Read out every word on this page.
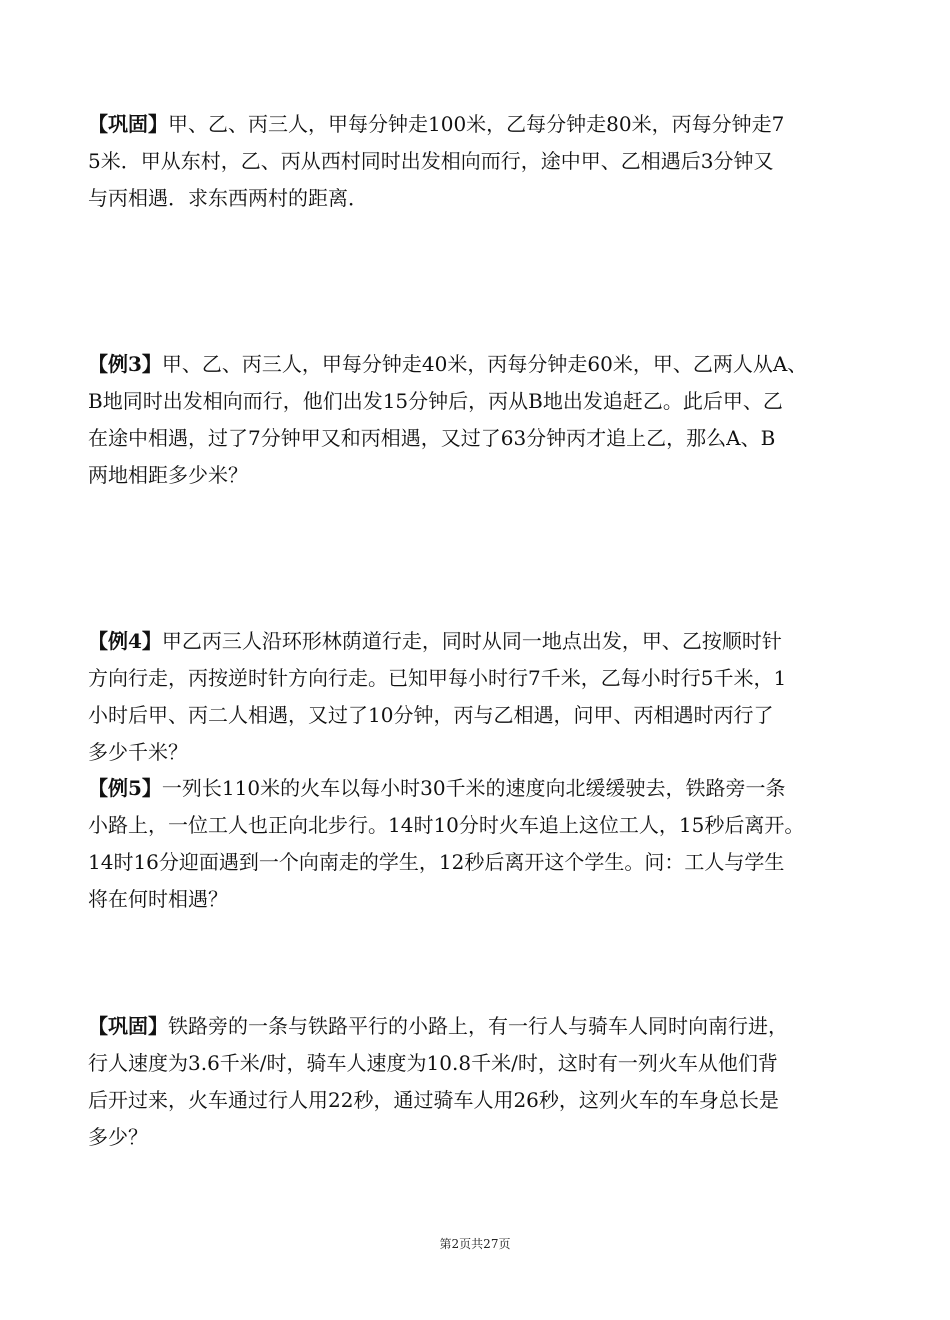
【巩固】甲、乙、丙三人，甲每分钟走100米，乙每分钟走80米，丙每分钟走7
5米．甲从东村，乙、丙从西村同时出发相向而行，途中甲、乙相遇后3分钟又
与丙相遇．求东西两村的距离．
【例3】甲、乙、丙三人，甲每分钟走40米，丙每分钟走60米，甲、乙两人从A、
B地同时出发相向而行，他们出发15分钟后，丙从B地出发追赶乙。此后甲、乙
在途中相遇，过了7分钟甲又和丙相遇，又过了63分钟丙才追上乙，那么A、B
两地相距多少米？
【例4】甲乙丙三人沿环形林荫道行走，同时从同一地点出发，甲、乙按顺时针
方向行走，丙按逆时针方向行走。已知甲每小时行7千米，乙每小时行5千米，1
小时后甲、丙二人相遇，又过了10分钟，丙与乙相遇，问甲、丙相遇时丙行了
多少千米？
【例5】一列长110米的火车以每小时30千米的速度向北缓缓驶去，铁路旁一条
小路上，一位工人也正向北步行。14时10分时火车追上这位工人，15秒后离开。
14时16分迎面遇到一个向南走的学生，12秒后离开这个学生。问：工人与学生
将在何时相遇？
【巩固】铁路旁的一条与铁路平行的小路上，有一行人与骑车人同时向南行进，
行人速度为3.6千米/时，骑车人速度为10.8千米/时，这时有一列火车从他们背
后开过来，火车通过行人用22秒，通过骑车人用26秒，这列火车的车身总长是
多少？
第2页共27页
